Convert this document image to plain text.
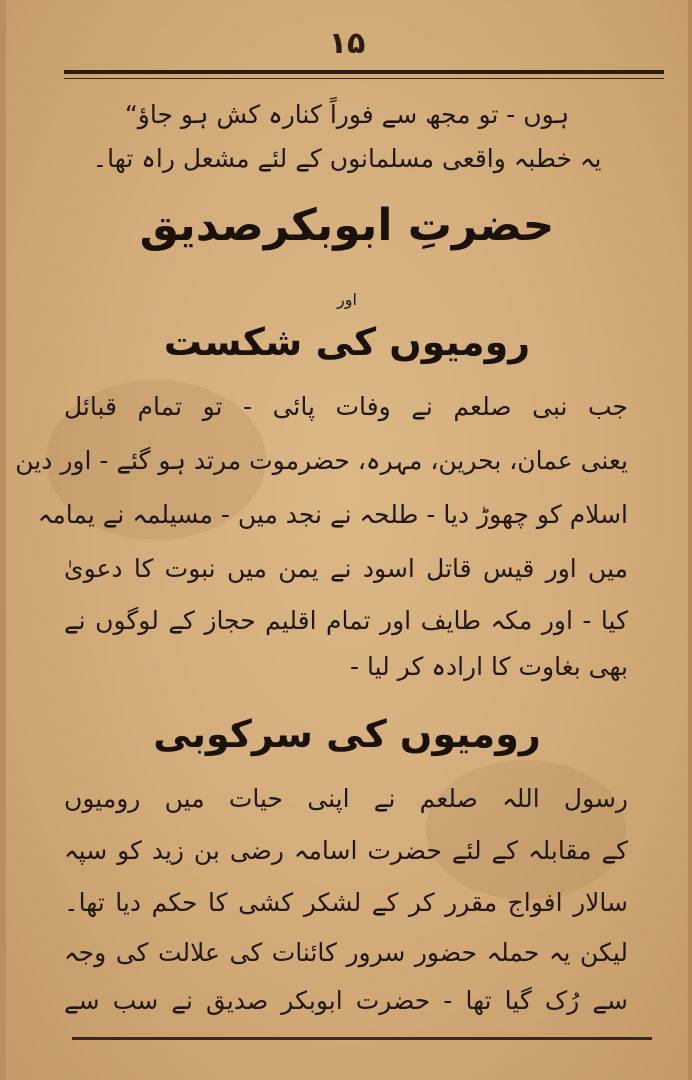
۱۵
ہوں - تو مجھ سے فوراً کنارہ کش ہو جاؤ“
یہ خطبہ واقعی مسلمانوں کے لئے مشعل راہ تھا۔
حضرتِ ابوبکرصدیق
اور
رومیوں کی شکست
جب نبی صلعم نے وفات پائی - تو تمام قبائل
یعنی عمان، بحرین، مہرہ، حضرموت مرتد ہو گئے - اور دین
اسلام کو چھوڑ دیا - طلحہ نے نجد میں - مسیلمہ نے یمامہ
میں اور قیس قاتل اسود نے یمن میں نبوت کا دعویٰ
کیا - اور مکہ طایف اور تمام اقلیم حجاز کے لوگوں نے
بھی بغاوت کا ارادہ کر لیا -
رومیوں کی سرکوبی
رسول اللہ صلعم نے اپنی حیات میں رومیوں
کے مقابلہ کے لئے حضرت اسامہ رضی بن زید کو سپہ
سالار افواج مقرر کر کے لشکر کشی کا حکم دیا تھا۔
لیکن یہ حملہ حضور سرور کائنات کی علالت کی وجہ
سے رُک گیا تھا - حضرت ابوبکر صدیق نے سب سے
